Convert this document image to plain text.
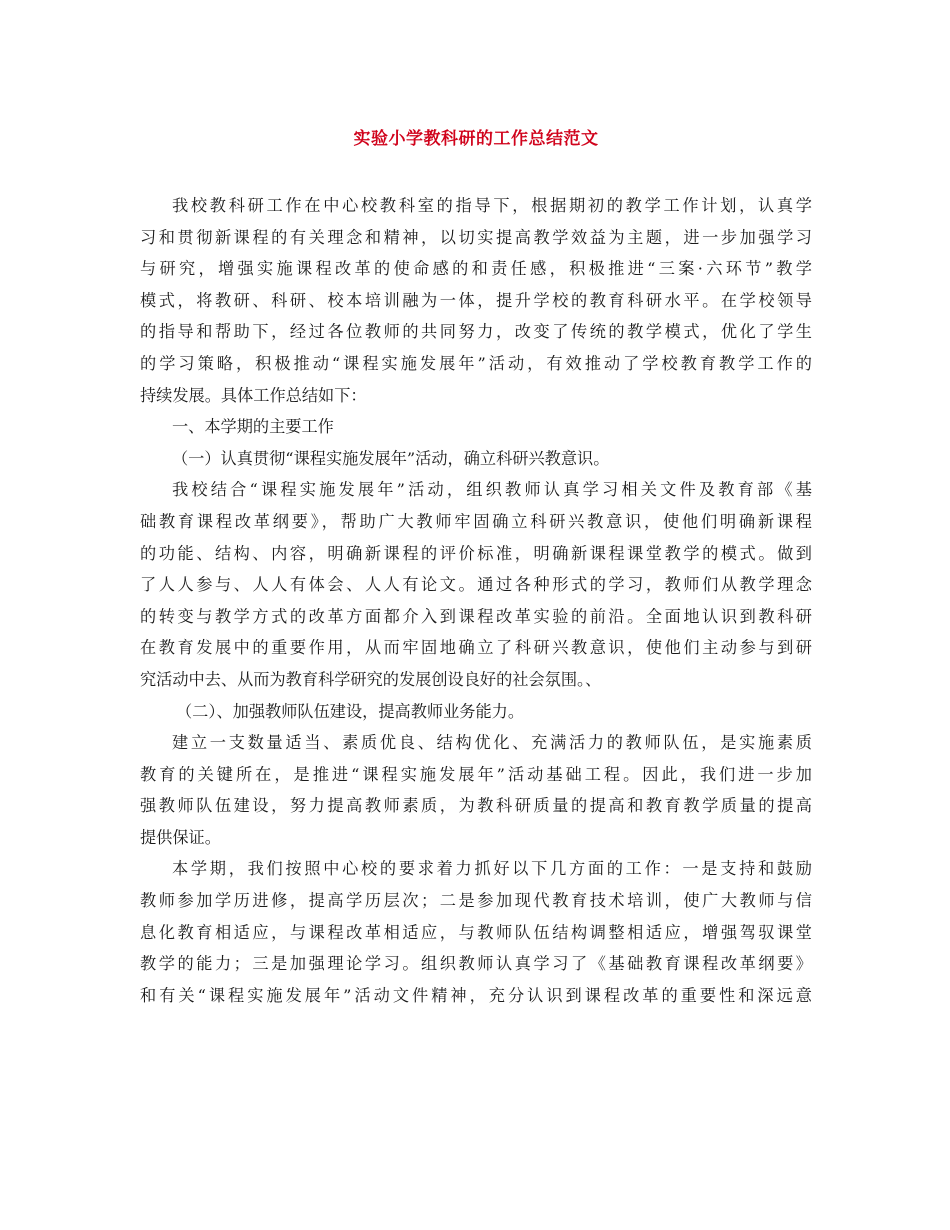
实验小学教科研的工作总结范文
我校教科研工作在中心校教科室的指导下，根据期初的教学工作计划，认真学
习和贯彻新课程的有关理念和精神，以切实提高教学效益为主题，进一步加强学习
与研究，增强实施课程改革的使命感的和责任感，积极推进“三案·六环节”教学
模式，将教研、科研、校本培训融为一体，提升学校的教育科研水平。在学校领导
的指导和帮助下，经过各位教师的共同努力，改变了传统的教学模式，优化了学生
的学习策略，积极推动“课程实施发展年”活动，有效推动了学校教育教学工作的
持续发展。具体工作总结如下：
一、本学期的主要工作
（一）认真贯彻“课程实施发展年”活动，确立科研兴教意识。
我校结合“课程实施发展年”活动，组织教师认真学习相关文件及教育部《基
础教育课程改革纲要》，帮助广大教师牢固确立科研兴教意识，使他们明确新课程
的功能、结构、内容，明确新课程的评价标准，明确新课程课堂教学的模式。做到
了人人参与、人人有体会、人人有论文。通过各种形式的学习，教师们从教学理念
的转变与教学方式的改革方面都介入到课程改革实验的前沿。全面地认识到教科研
在教育发展中的重要作用，从而牢固地确立了科研兴教意识，使他们主动参与到研
究活动中去、从而为教育科学研究的发展创设良好的社会氛围。、
（二）、加强教师队伍建设，提高教师业务能力。
建立一支数量适当、素质优良、结构优化、充满活力的教师队伍，是实施素质
教育的关键所在，是推进“课程实施发展年”活动基础工程。因此，我们进一步加
强教师队伍建设，努力提高教师素质，为教科研质量的提高和教育教学质量的提高
提供保证。
本学期，我们按照中心校的要求着力抓好以下几方面的工作：一是支持和鼓励
教师参加学历进修，提高学历层次；二是参加现代教育技术培训，使广大教师与信
息化教育相适应，与课程改革相适应，与教师队伍结构调整相适应，增强驾驭课堂
教学的能力；三是加强理论学习。组织教师认真学习了《基础教育课程改革纲要》
和有关“课程实施发展年”活动文件精神，充分认识到课程改革的重要性和深远意
